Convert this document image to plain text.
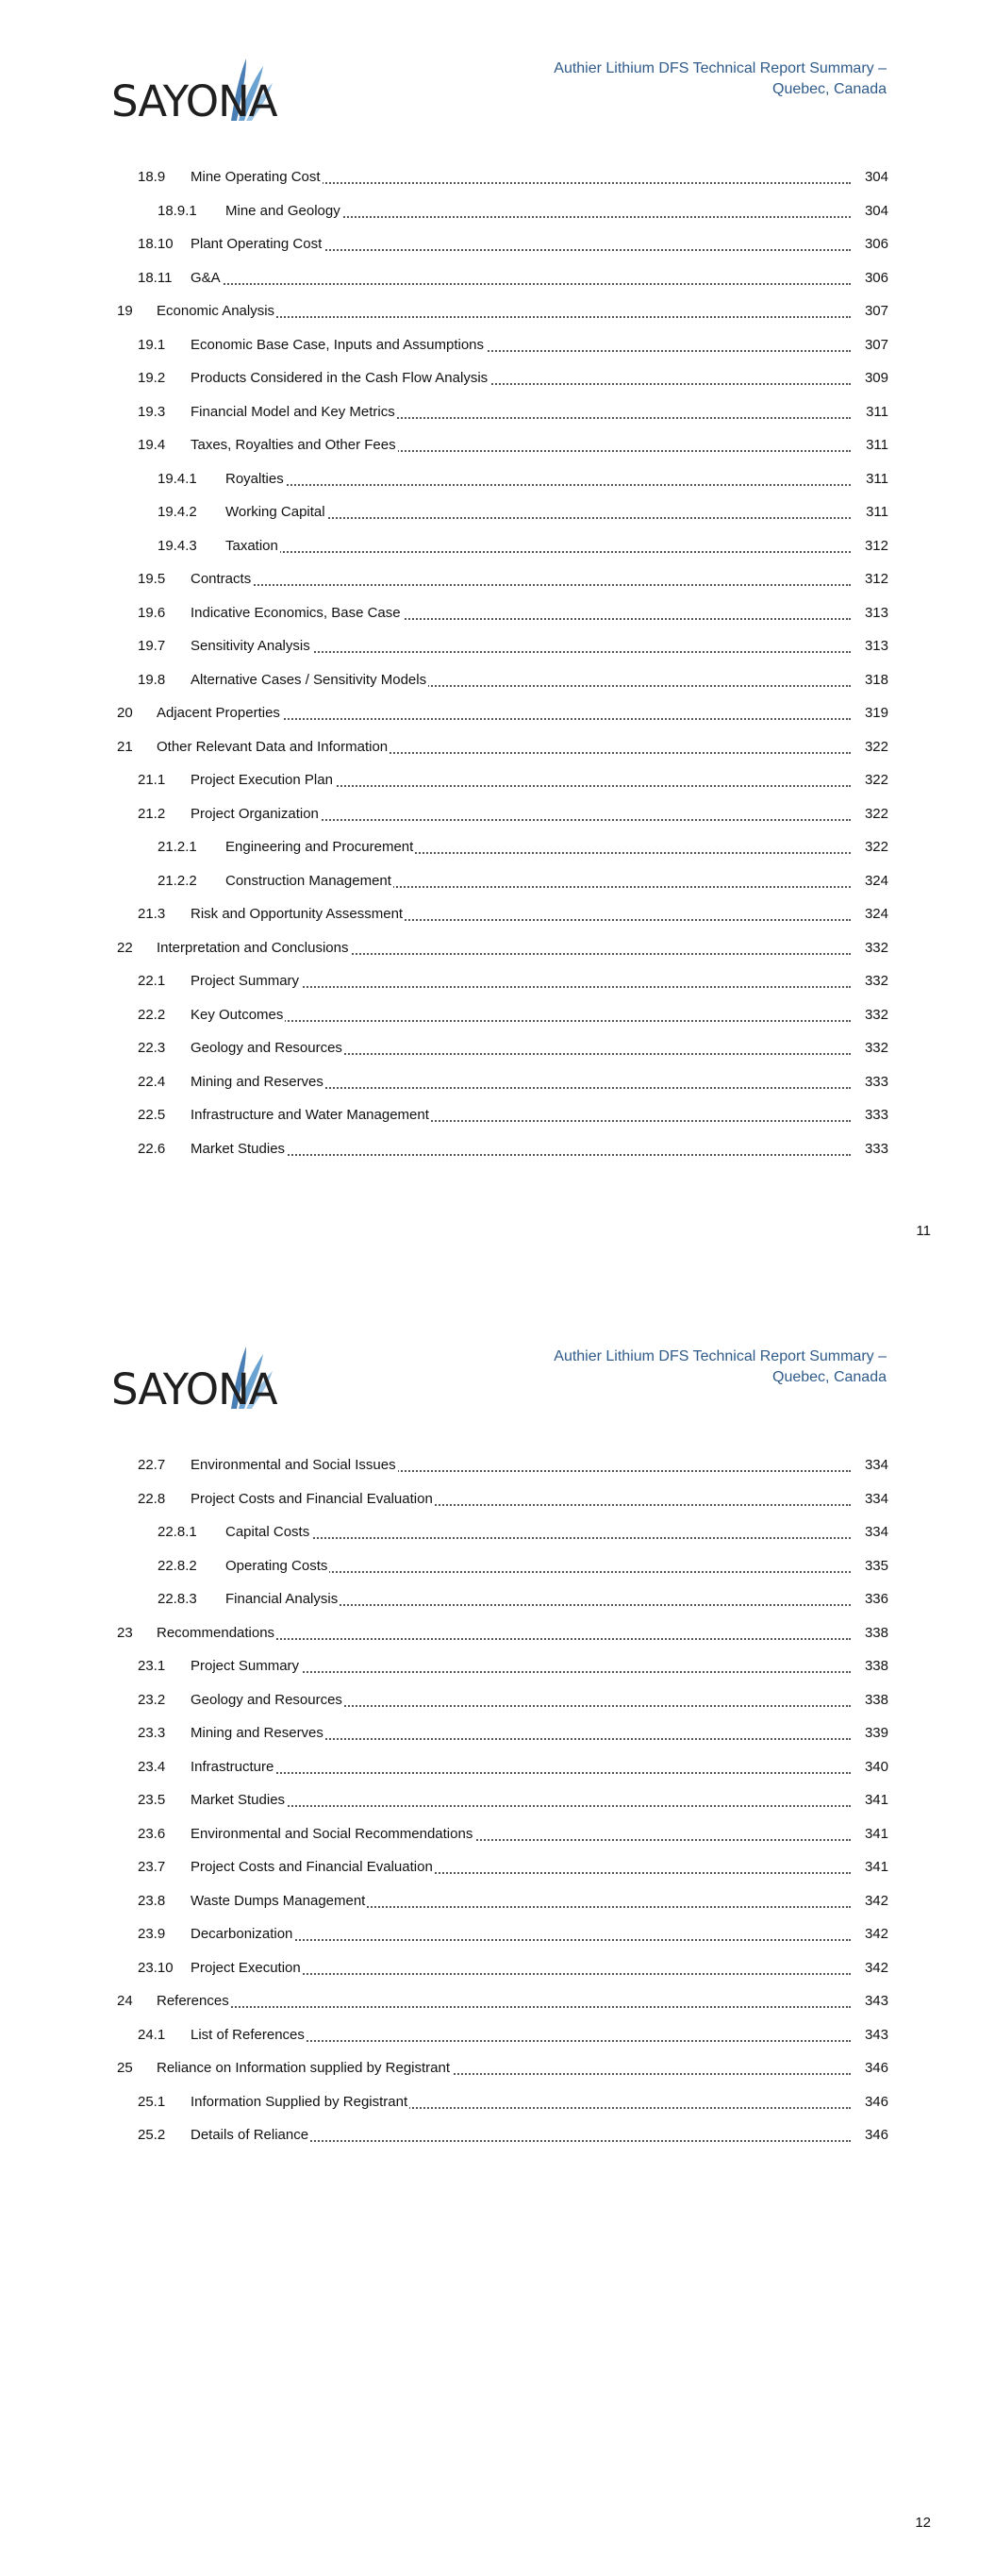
SAYONA
Authier Lithium DFS Technical Report Summary –
Quebec, Canada
18.9 Mine Operating Cost	304
18.9.1 Mine and Geology	304
18.10 Plant Operating Cost	306
18.11 G&A	306
19 Economic Analysis	307
19.1 Economic Base Case, Inputs and Assumptions	307
19.2 Products Considered in the Cash Flow Analysis	309
19.3 Financial Model and Key Metrics	311
19.4 Taxes, Royalties and Other Fees	311
19.4.1 Royalties	311
19.4.2 Working Capital	311
19.4.3 Taxation	312
19.5 Contracts	312
19.6 Indicative Economics, Base Case	313
19.7 Sensitivity Analysis	313
19.8 Alternative Cases / Sensitivity Models	318
20 Adjacent Properties	319
21 Other Relevant Data and Information	322
21.1 Project Execution Plan	322
21.2 Project Organization	322
21.2.1 Engineering and Procurement	322
21.2.2 Construction Management	324
21.3 Risk and Opportunity Assessment	324
22 Interpretation and Conclusions	332
22.1 Project Summary	332
22.2 Key Outcomes	332
22.3 Geology and Resources	332
22.4 Mining and Reserves	333
22.5 Infrastructure and Water Management	333
22.6 Market Studies	333
11
SAYONA
Authier Lithium DFS Technical Report Summary –
Quebec, Canada
22.7 Environmental and Social Issues	334
22.8 Project Costs and Financial Evaluation	334
22.8.1 Capital Costs	334
22.8.2 Operating Costs	335
22.8.3 Financial Analysis	336
23 Recommendations	338
23.1 Project Summary	338
23.2 Geology and Resources	338
23.3 Mining and Reserves	339
23.4 Infrastructure	340
23.5 Market Studies	341
23.6 Environmental and Social Recommendations	341
23.7 Project Costs and Financial Evaluation	341
23.8 Waste Dumps Management	342
23.9 Decarbonization	342
23.10 Project Execution	342
24 References	343
24.1 List of References	343
25 Reliance on Information supplied by Registrant	346
25.1 Information Supplied by Registrant	346
25.2 Details of Reliance	346
12
